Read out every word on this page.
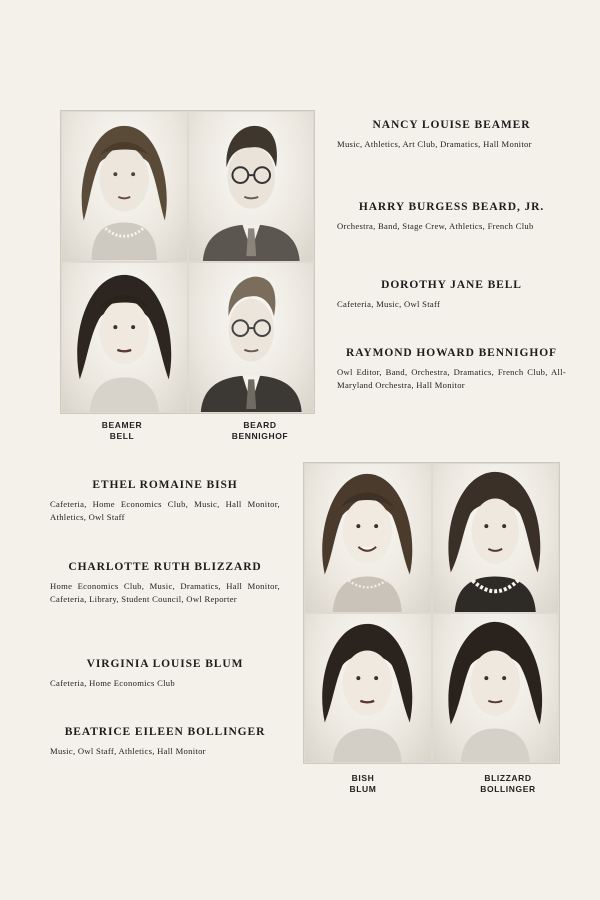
BEAMER
BELL
BEARD
BENNIGHOF
NANCY LOUISE BEAMER
Music, Athletics, Art Club, Dramatics, Hall Monitor
HARRY BURGESS BEARD, JR.
Orchestra, Band, Stage Crew, Athletics, French Club
DOROTHY JANE BELL
Cafeteria, Music, Owl Staff
RAYMOND HOWARD BENNIGHOF
Owl Editor, Band, Orchestra, Dramatics, French Club, All-Maryland Orchestra, Hall Monitor
ETHEL ROMAINE BISH
Cafeteria, Home Economics Club, Music, Hall Monitor, Athletics, Owl Staff
CHARLOTTE RUTH BLIZZARD
Home Economics Club, Music, Dramatics, Hall Monitor, Cafeteria, Library, Student Council, Owl Reporter
VIRGINIA LOUISE BLUM
Cafeteria, Home Economics Club
BEATRICE EILEEN BOLLINGER
Music, Owl Staff, Athletics, Hall Monitor
BISH
BLUM
BLIZZARD
BOLLINGER
